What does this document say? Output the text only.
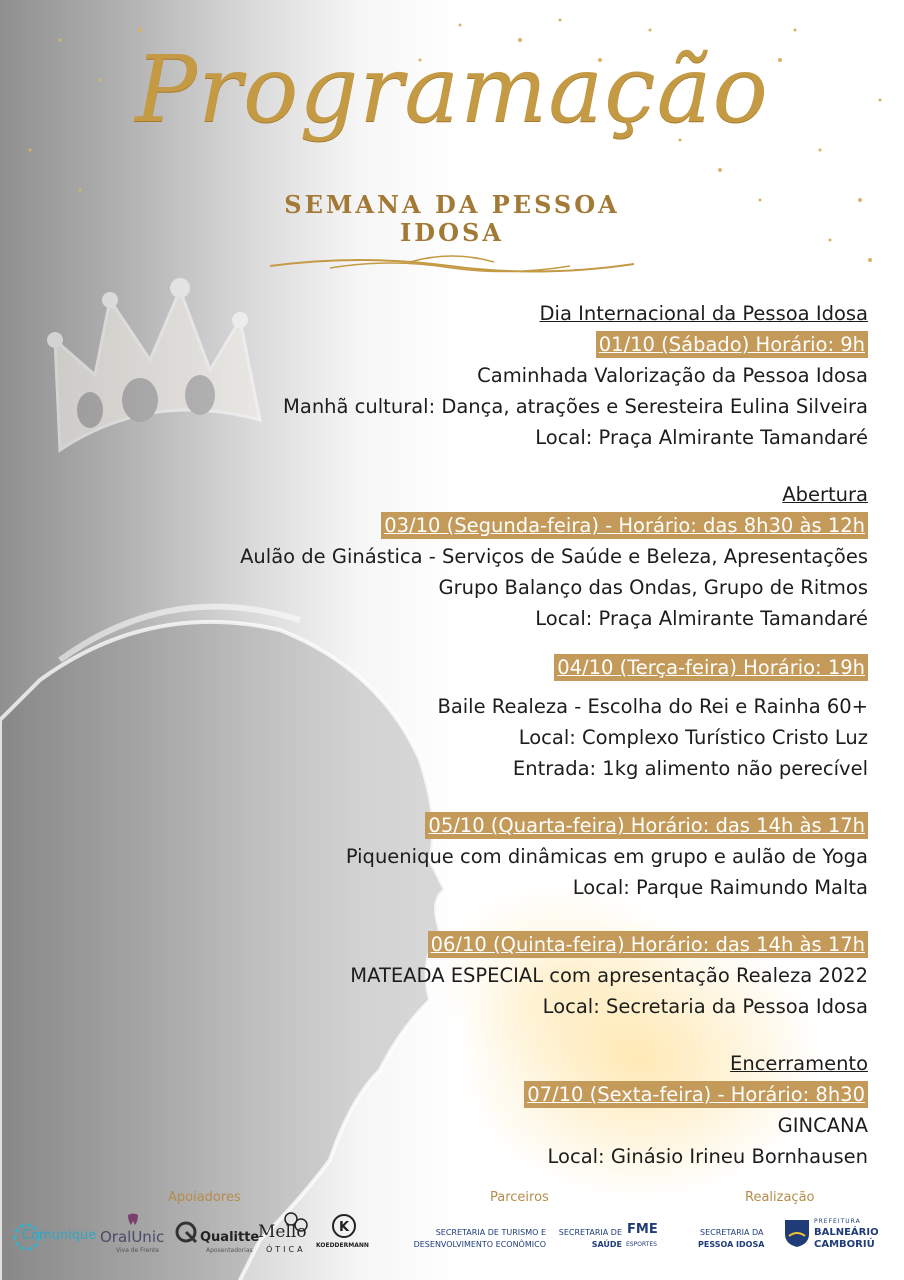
Programação
SEMANA DA PESSOA
IDOSA
Dia Internacional da Pessoa Idosa
01/10 (Sábado) Horário: 9h
Caminhada Valorização da Pessoa Idosa
Manhã cultural: Dança, atrações e Seresteira Eulina Silveira
Local: Praça Almirante Tamandaré
Abertura
03/10 (Segunda-feira) - Horário: das 8h30 às 12h
Aulão de Ginástica - Serviços de Saúde e Beleza, Apresentações
Grupo Balanço das Ondas, Grupo de Ritmos
Local: Praça Almirante Tamandaré
04/10 (Terça-feira) Horário: 19h
Baile Realeza - Escolha do Rei e Rainha 60+
Local: Complexo Turístico Cristo Luz
Entrada: 1kg alimento não perecível
05/10 (Quarta-feira) Horário: das 14h às 17h
Piquenique com dinâmicas em grupo e aulão de Yoga
Local: Parque Raimundo Malta
06/10 (Quinta-feira) Horário: das 14h às 17h
MATEADA ESPECIAL com apresentação Realeza 2022
Local: Secretaria da Pessoa Idosa
Encerramento
07/10 (Sexta-feira) - Horário: 8h30
GINCANA
Local: Ginásio Irineu Bornhausen
Apoiadores	Parceiros	Realização
Comunique OralUnic
Viva de Frente
Qualitte
Aposentadorias
Mello
ÓTICA
K
KOEDDERMANN
SECRETARIA DE TURISMO E
DESENVOLVIMENTO ECONÔMICO
SECRETARIA DE
SAÚDE
FME
ESPORTES
SECRETARIA DA
PESSOA IDOSA
PREFEITURA
BALNEÁRIO
CAMBORIÚ
